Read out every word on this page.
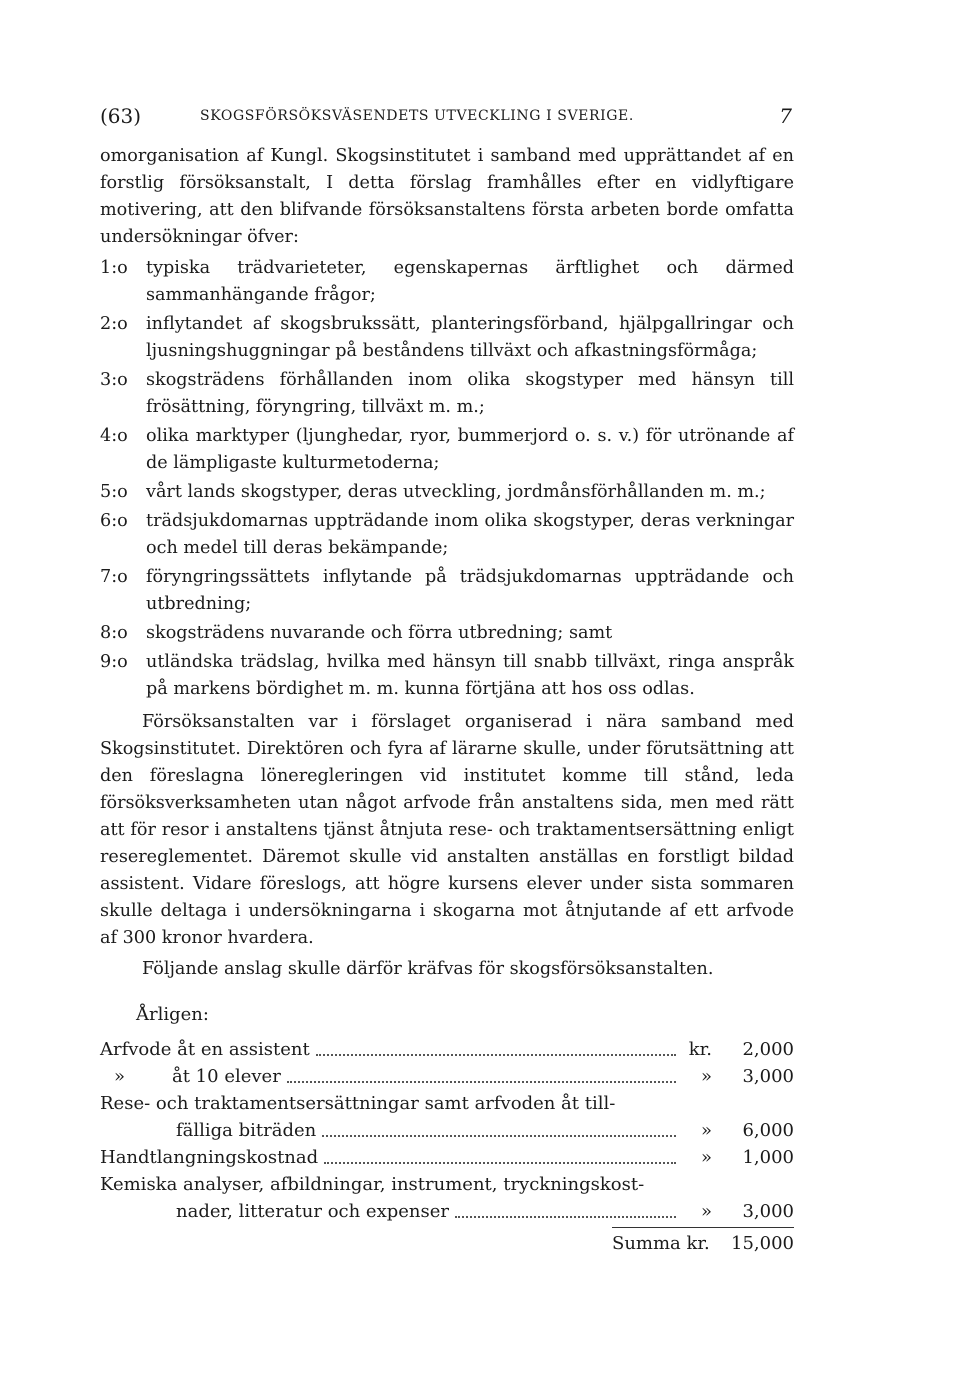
(63)	SKOGSFÖRSÖKSVÄSENDETS UTVECKLING I SVERIGE.	7

omorganisation af Kungl. Skogsinstitutet i samband med upprättandet af en forstlig försöksanstalt, I detta förslag framhålles efter en vidlyftigare motivering, att den blifvande försöksanstaltens första arbeten borde omfatta undersökningar öfver:

1:o	typiska trädvarieteter, egenskapernas ärftlighet och därmed sammanhängande frågor;
2:o	inflytandet af skogsbrukssätt, planteringsförband, hjälpgallringar och ljusningshuggningar på beståndens tillväxt och afkastningsförmåga;
3:o	skogsträdens förhållanden inom olika skogstyper med hänsyn till frösättning, föryngring, tillväxt m. m.;
4:o	olika marktyper (ljunghedar, ryor, bummerjord o. s. v.) för utrönande af de lämpligaste kulturmetoderna;
5:o	vårt lands skogstyper, deras utveckling, jordmånsförhållanden m. m.;
6:o	trädsjukdomarnas uppträdande inom olika skogstyper, deras verkningar och medel till deras bekämpande;
7:o	föryngringssättets inflytande på trädsjukdomarnas uppträdande och utbredning;
8:o	skogsträdens nuvarande och förra utbredning; samt
9:o	utländska trädslag, hvilka med hänsyn till snabb tillväxt, ringa anspråk på markens bördighet m. m. kunna förtjäna att hos oss odlas.

Försöksanstalten var i förslaget organiserad i nära samband med Skogsinstitutet. Direktören och fyra af lärarne skulle, under förutsättning att den föreslagna löneregleringen vid institutet komme till stånd, leda försöksverksamheten utan något arfvode från anstaltens sida, men med rätt att för resor i anstaltens tjänst åtnjuta rese- och traktamentsersättning enligt resereglementet. Däremot skulle vid anstalten anställas en forstligt bildad assistent. Vidare föreslogs, att högre kursens elever under sista sommaren skulle deltaga i undersökningarna i skogarna mot åtnjutande af ett arfvode af 300 kronor hvardera.

Följande anslag skulle därför kräfvas för skogsförsöksanstalten.

Årligen:
Arfvode åt en assistent	kr.	2,000
»	åt 10 elever	»	3,000
Rese- och traktamentsersättningar samt arfvoden åt till-
fälliga biträden	»	6,000
Handtlangningskostnad	»	1,000
Kemiska analyser, afbildningar, instrument, tryckningskost-
nader, litteratur och expenser	»	3,000
Summa kr.	15,000
